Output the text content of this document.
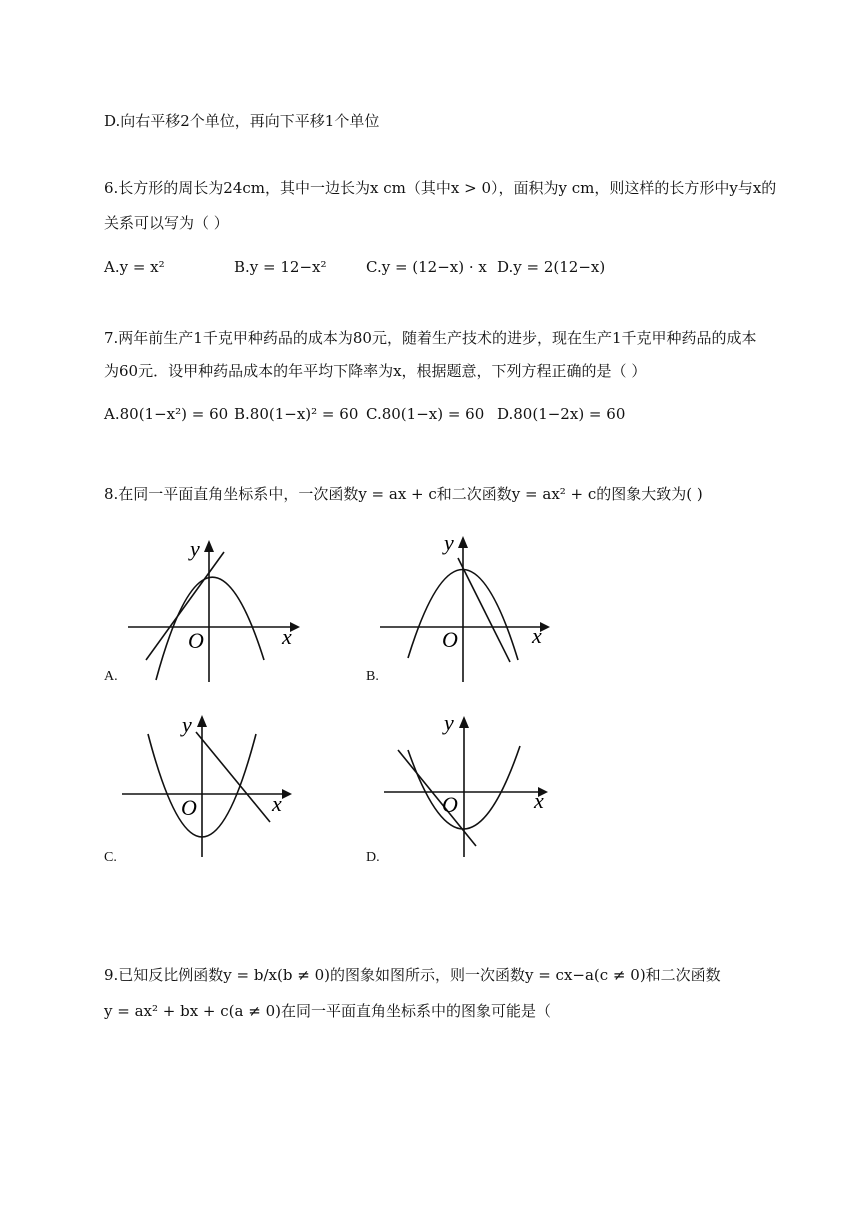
D.向右平移2个单位，再向下平移1个单位
6.长方形的周长为24cm，其中一边长为x cm（其中x > 0），面积为y cm，则这样的长方形中y与x的
关系可以写为（ ）
A.y = x²	B.y = 12−x²	C.y = (12−x) · x D.y = 2(12−x)
7.两年前生产1千克甲种药品的成本为80元，随着生产技术的进步，现在生产1千克甲种药品的成本
为60元．设甲种药品成本的年平均下降率为x，根据题意，下列方程正确的是（ ）
A.80(1−x²) = 60 B.80(1−x)² = 60 C.80(1−x) = 60 D.80(1−2x) = 60
8.在同一平面直角坐标系中，一次函数y = ax + c和二次函数y = ax² + c的图象大致为( )
x
y
O
A.
x
y
O
B.
x
y
O
C.
x
y
O
D.
9.已知反比例函数y = b/x(b ≠ 0)的图象如图所示，则一次函数y = cx−a(c ≠ 0)和二次函数
y = ax² + bx + c(a ≠ 0)在同一平面直角坐标系中的图象可能是（
